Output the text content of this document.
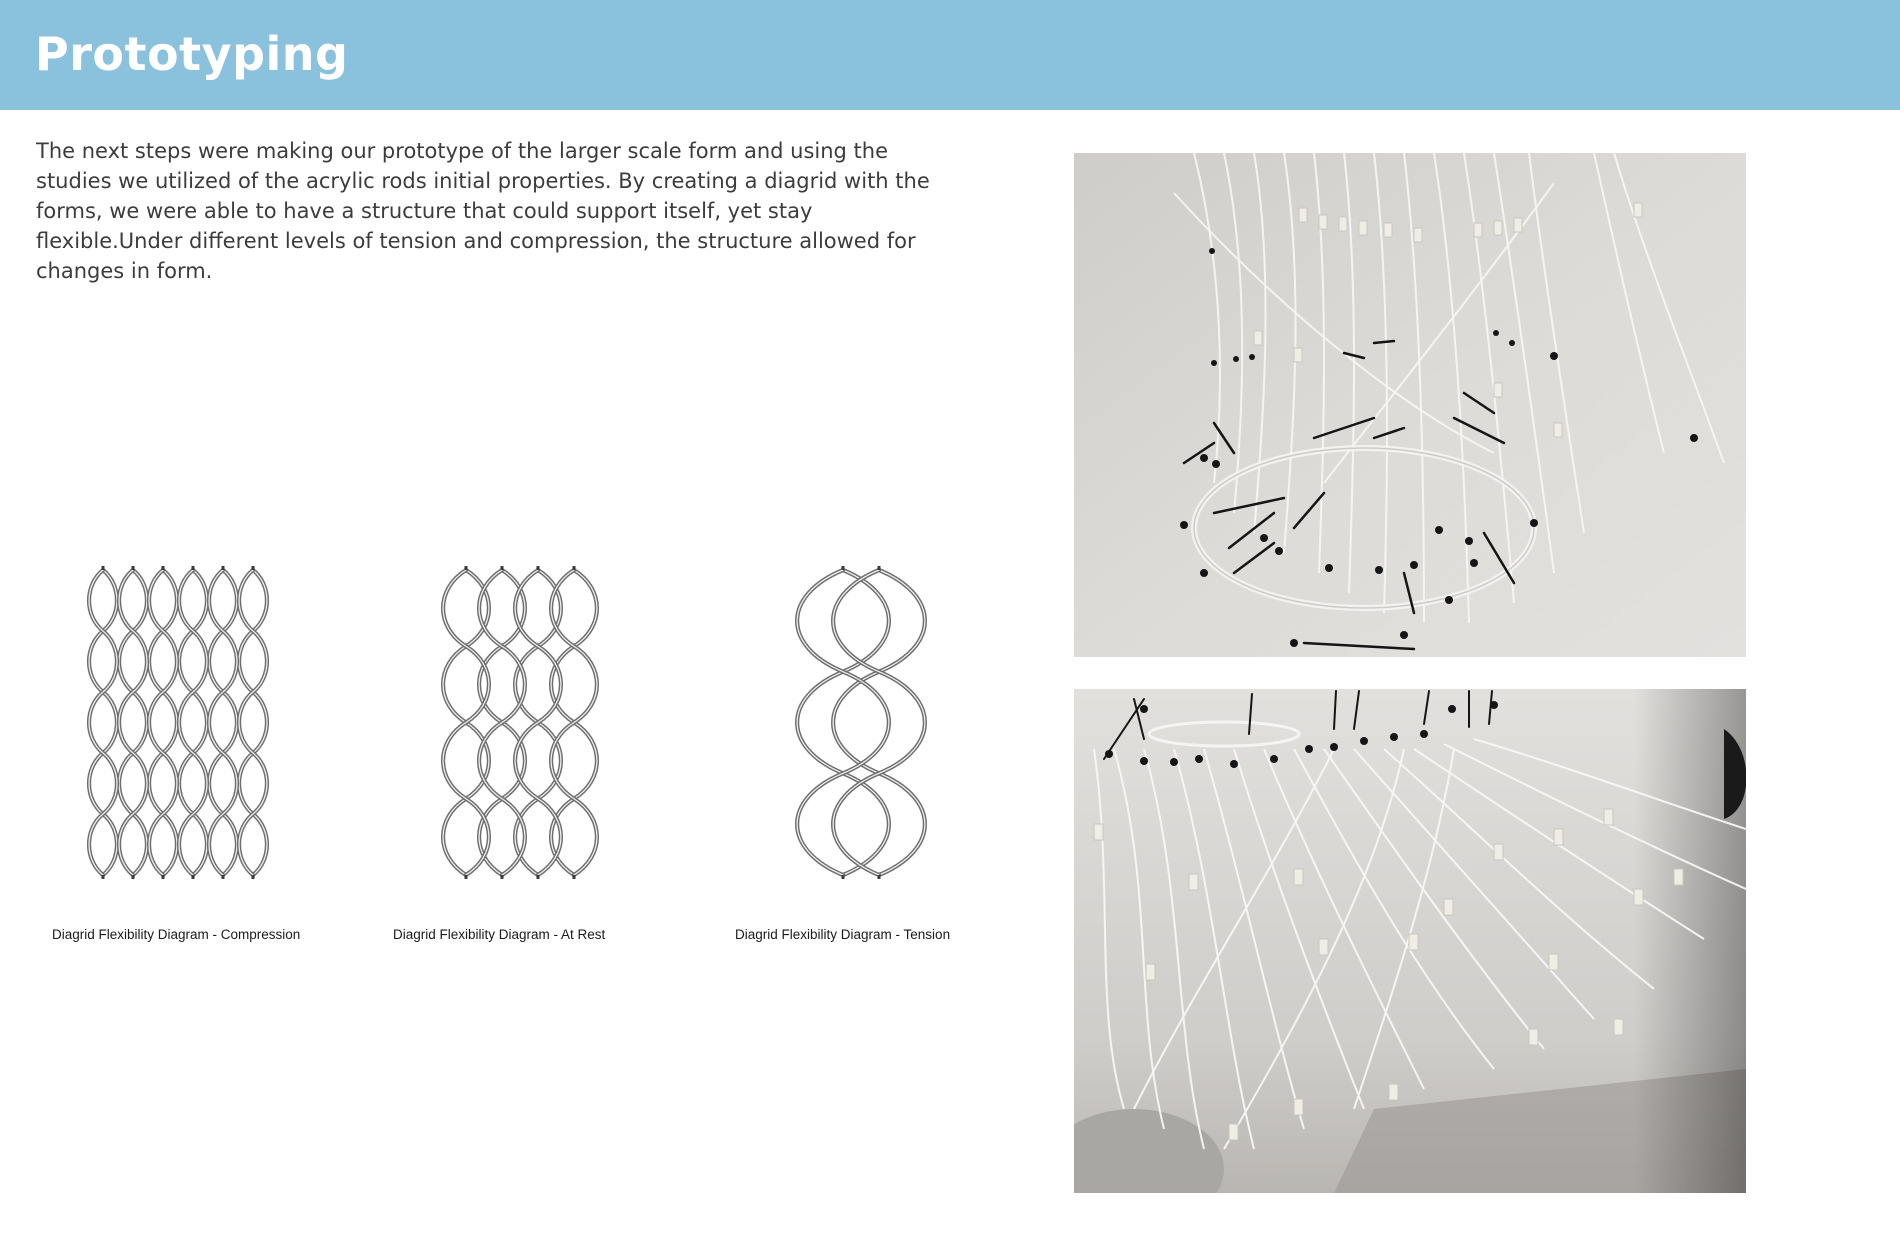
Prototyping

The next steps were making our prototype of the larger scale form and using the studies we utilized of the acrylic rods initial properties. By creating a diagrid with the forms, we were able to have a structure that could support itself, yet stay flexible.Under different levels of tension and compression, the structure allowed for changes in form.

Diagrid Flexibility Diagram - Compression	Diagrid Flexibility Diagram - At Rest	Diagrid Flexibility Diagram - Tension
